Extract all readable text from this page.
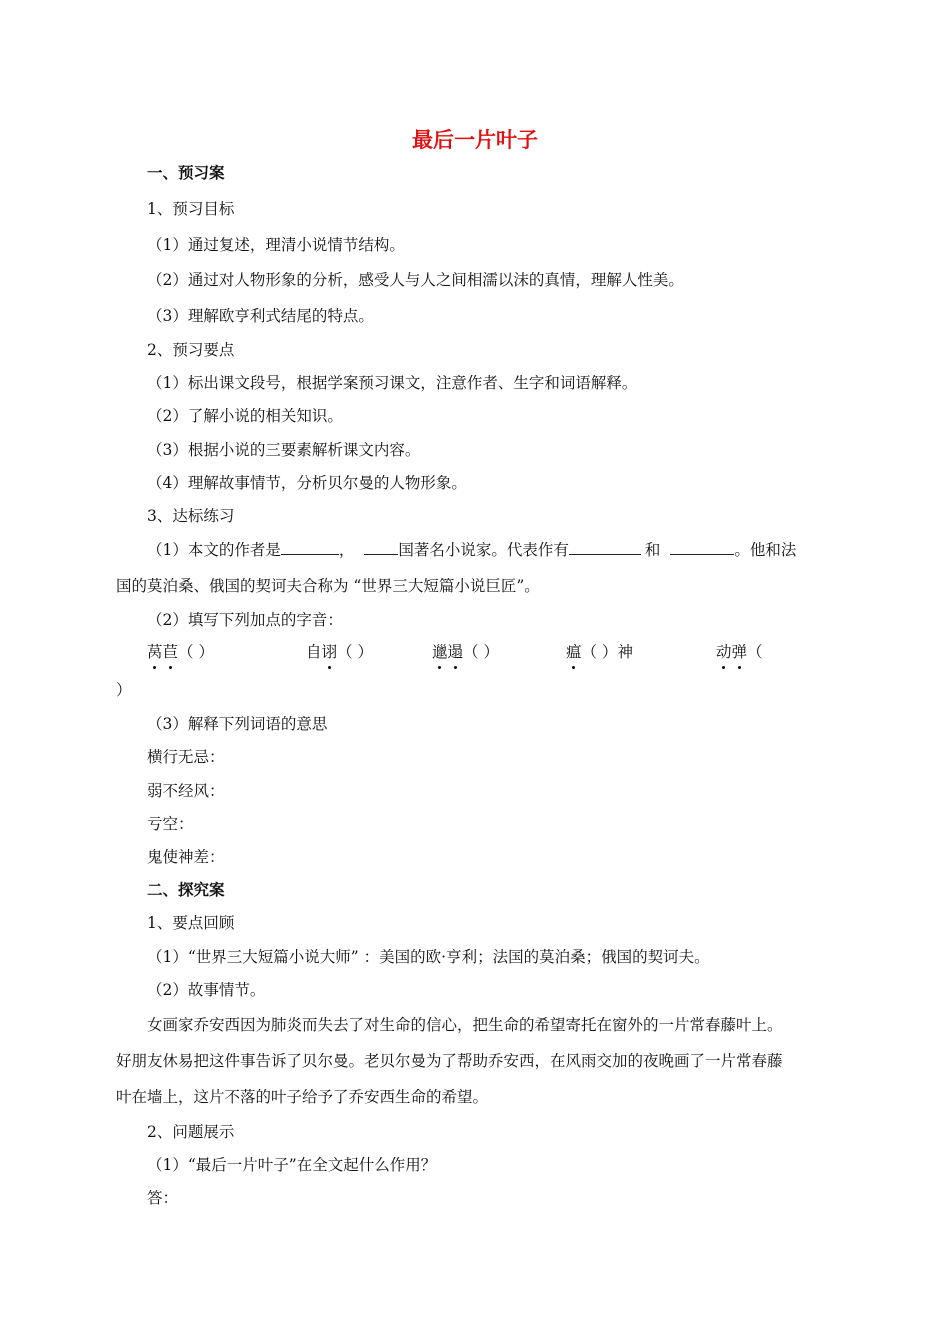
最后一片叶子
一、预习案
1、预习目标
（1）通过复述，理清小说情节结构。
（2）通过对人物形象的分析，感受人与人之间相濡以沫的真情，理解人性美。
（3）理解欧亨利式结尾的特点。
2、预习要点
（1）标出课文段号，根据学案预习课文，注意作者、生字和词语解释。
（2）了解小说的相关知识。
（3）根据小说的三要素解析课文内容。
（4）理解故事情节，分析贝尔曼的人物形象。
3、达标练习
（1）本文的作者是	，	国著名小说家。代表作有	和	。他和法
国的莫泊桑、俄国的契诃夫合称为 “世界三大短篇小说巨匠”。
（2）填写下列加点的字音：
莴苣（ ）	自诩（ ）	邋遢（ ）	瘟（ ）神	动弹（
）
（3）解释下列词语的意思
横行无忌：
弱不经风：
亏空：
鬼使神差：
二、探究案
1、要点回顾
（1）“世界三大短篇小说大师” ：美国的欧·亨利；法国的莫泊桑；俄国的契诃夫。
（2）故事情节。
女画家乔安西因为肺炎而失去了对生命的信心，把生命的希望寄托在窗外的一片常春藤叶上。
好朋友休易把这件事告诉了贝尔曼。老贝尔曼为了帮助乔安西，在风雨交加的夜晚画了一片常春藤
叶在墙上，这片不落的叶子给予了乔安西生命的希望。
2、问题展示
（1）“最后一片叶子”在全文起什么作用？
答：
